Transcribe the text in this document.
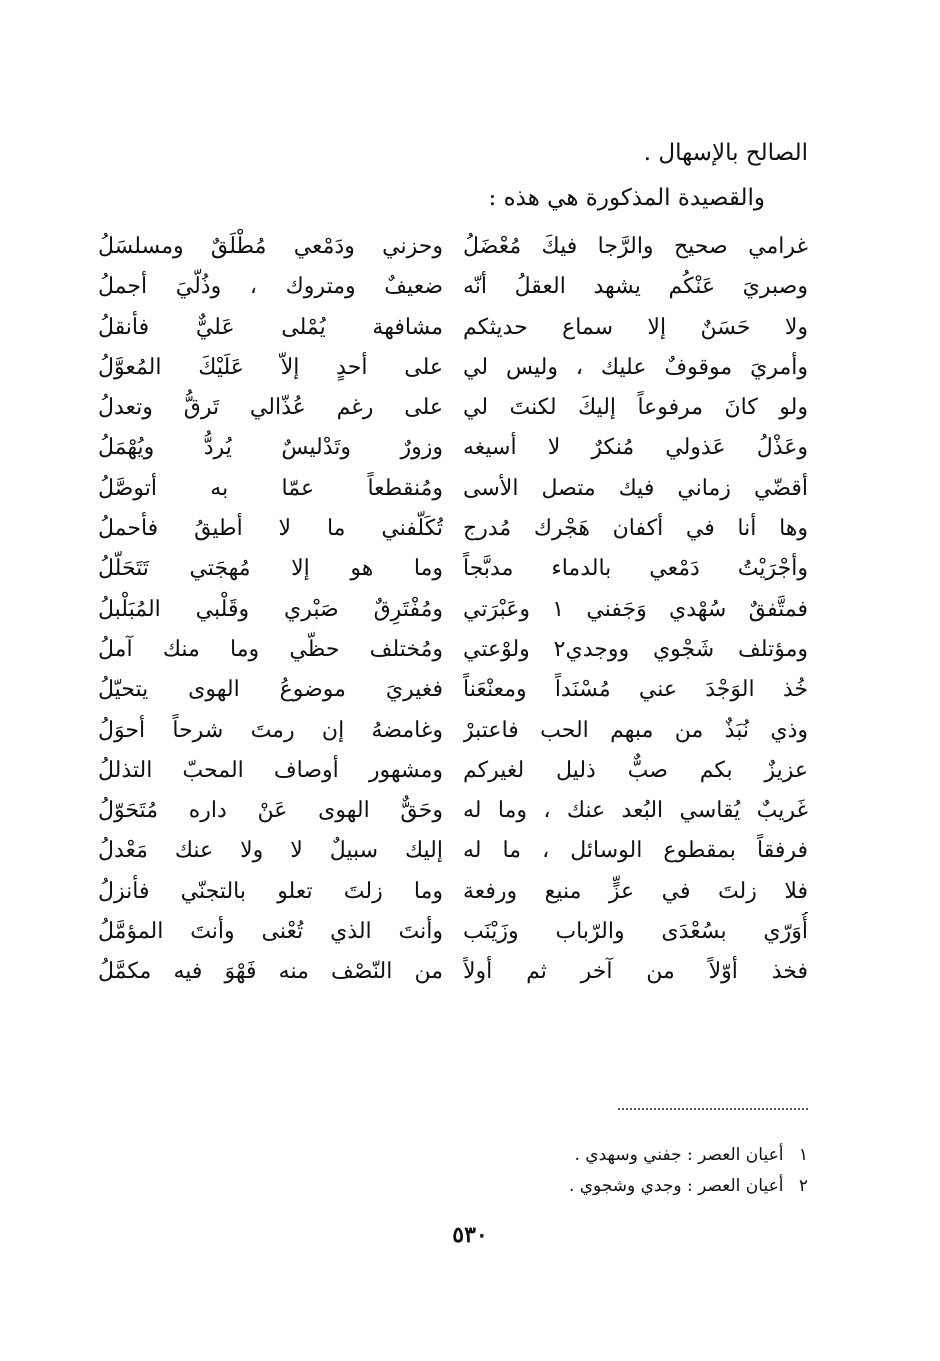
الصالح بالإسهال .
والقصيدة المذكورة هي هذه :
غرامي صحيح والرَّجا فيكَ مُعْضَلُ
وصبريَ عَنْكُم يشهد العقلُ أنّه
ولا حَسَنٌ إلا سماع حديثكم
وأمريَ موقوفٌ عليك ، وليس لي
ولو كانَ مرفوعاً إليكَ لكنتَ لي
وعَذْلُ عَذولي مُنكرٌ لا أسيغه
أقضّي زماني فيك متصل الأسى
وها أنا في أكفان هَجْرك مُدرج
وأجْرَيْتُ دَمْعي بالدماء مدبَّجاً
فمتَّفقٌ سُهْدي وَجَفني ١ وعَبْرَتي
ومؤتلف شَجْوي ووجدي٢ ولوْعتي
خُذ الوَجْدَ عني مُسْنَداً ومعنْعَناً
وذي نُبَذٌ من مبهم الحب فاعتبرْ
عزيزٌ بكم صبٌّ ذليل لغيركم
غَريبٌ يُقاسي البُعد عنك ، وما له
فرفقاً بمقطوع الوسائل ، ما له
فلا زلتَ في عزٍّ منيع ورفعة
أُوَرّي بسُعْدَى والرّباب وزَيْنَب
فخذ أوّلاً من آخر ثم أولاً
وحزني ودَمْعي مُطْلَقٌ ومسلسَلُ
ضعيفٌ ومتروك ، وذُلّيَ أجملُ
مشافهة يُمْلى عَليٌّ فأنقلُ
على أحدٍ إلاّ عَلَيْكَ المُعوَّلُ
على رغم عُذّالي تَرقُّ وتعدلُ
وزورٌ وتَدْليسٌ يُردُّ ويُهْمَلُ
ومُنقطعاً عمّا به أتوصَّلُ
تُكَلّفني ما لا أطيقُ فأحملُ
وما هو إلا مُهجَتي تَتَحَلّلُ
ومُفْتَرِقٌ صَبْري وقَلْبي المُبَلْبلُ
ومُختلف حظّي وما منك آملُ
فغيريَ موضوعُ الهوى يتحيّلُ
وغامضهُ إن رمتَ شرحاً أحوَلُ
ومشهور أوصاف المحبّ التذللُ
وحَقٌّ الهوى عَنْ داره مُتَحَوّلُ
إليك سبيلٌ لا ولا عنك مَعْدلُ
وما زلتَ تعلو بالتجنّي فأنزلُ
وأنتَ الذي تُعْنى وأنتَ المؤمَّلُ
من النّصْف منه فَهْوَ فيه مكمَّلُ
١ أعيان العصر : جفني وسهدي .
٢ أعيان العصر : وجدي وشجوي .
٥٣٠
